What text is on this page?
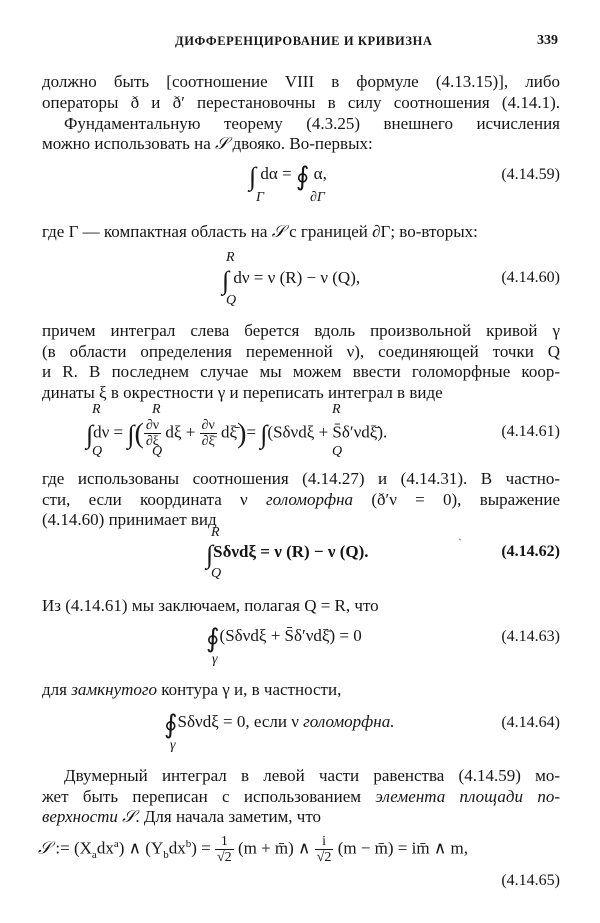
ДИФФЕРЕНЦИРОВАНИЕ И КРИВИЗНА	339
должно быть [соотношение VIII в формуле (4.13.15)], либо
операторы ð и ð′ перестановочны в силу соотношения (4.14.1).
Фундаментальную теорему (4.3.25) внешнего исчисления
можно использовать на 𝒮 двояко. Во-первых:
∫ dα = ∮ α,
Γ	∂Γ
(4.14.59)
где Γ — компактная область на 𝒮 с границей ∂Γ; во-вторых:
R
∫ dν = ν (R) − ν (Q),
Q
(4.14.60)
причем интеграл слева берется вдоль произвольной кривой γ
(в области определения переменной ν), соединяющей точки Q
и R. В последнем случае мы можем ввести голоморфные коор-
динаты ξ в окрестности γ и переписать интеграл в виде
R	R	R
∫dν = ∫( $\frac{\partial\nu}{\partial\xi}$ $d\xi + \frac{\partial\nu}{\partial\xī}$ dξ̄)= ∫(Sδνdξ + S̄δ′νdξ̄).
Q	Q	Q
(4.14.61)
где использованы соотношения (4.14.27) и (4.14.31). В частно-
сти, если координата ν голоморфна (ð′ν = 0), выражение
(4.14.60) принимает вид
R
∫Sδνdξ = ν (R) − ν (Q).
Q
`	(4.14.62)
Из (4.14.61) мы заключаем, полагая Q = R, что
∮(Sδνdξ + S̄δ′νdξ̄) = 0
γ
(4.14.63)
для замкнутого контура γ и, в частности,
∮Sδνdξ = 0, если ν голоморфна.
γ
(4.14.64)
Двумерный интеграл в левой части равенства (4.14.59) мо-
жет быть переписан с использованием элемента площади по-
верхности 𝒮. Для начала заметим, что
𝒮 := $(X_adx^a)$ ∧ $(Y_bdx^b) = \frac{1}{√2} (m$ + m̄) ∧ $\frac{i}{√2} (m$ − m̄) = im̄ ∧ m,
(4.14.65)
